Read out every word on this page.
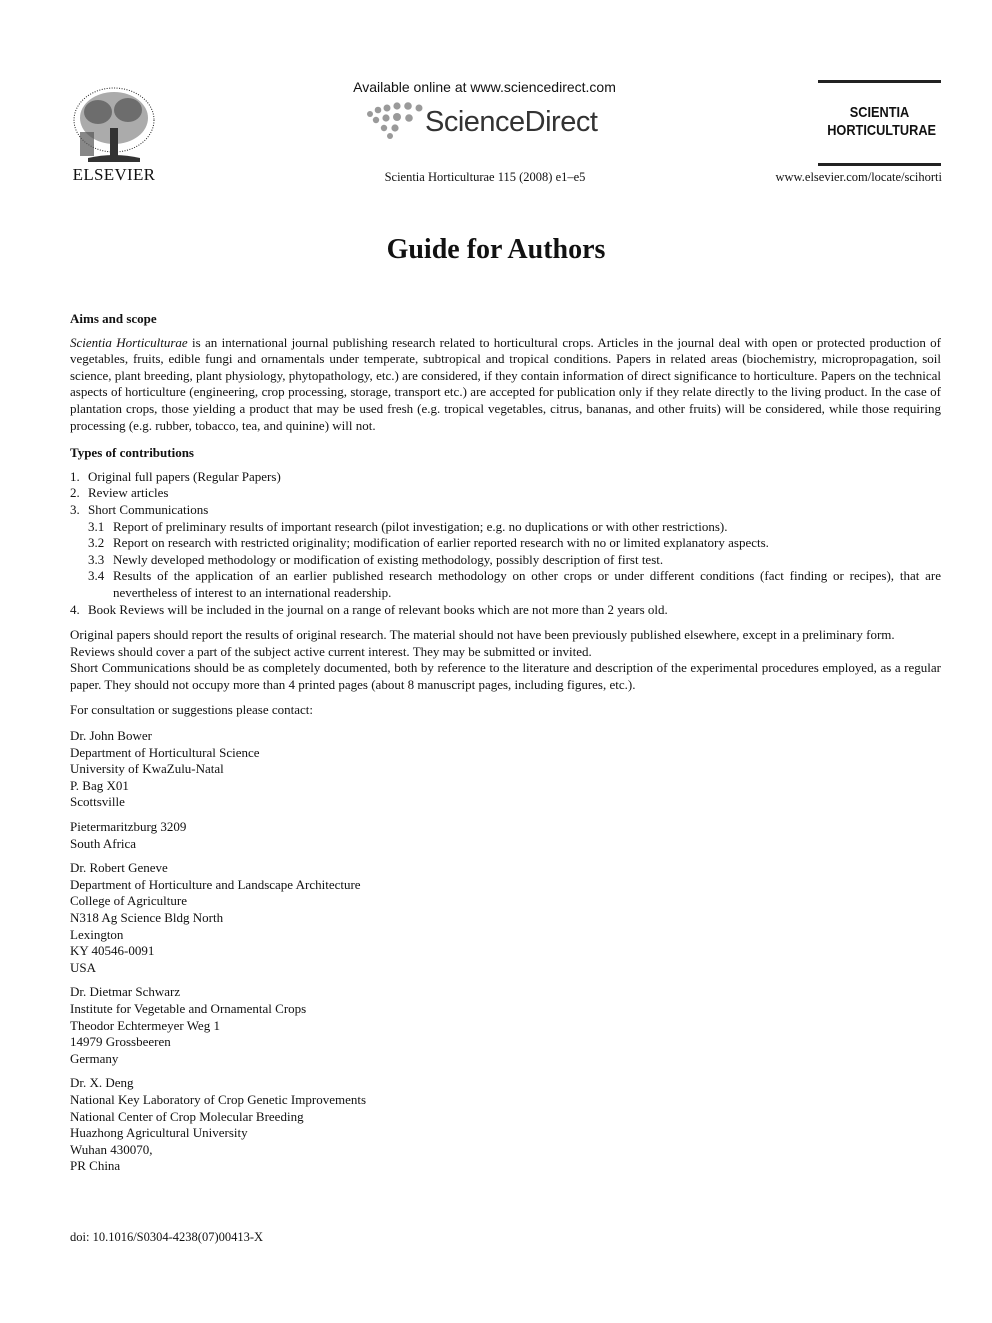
ELSEVIER
Available online at www.sciencedirect.com
ScienceDirect
Scientia Horticulturae 115 (2008) e1–e5
SCIENTIA
HORTICULTURAE
www.elsevier.com/locate/scihorti
Guide for Authors
Aims and scope

Scientia Horticulturae is an international journal publishing research related to horticultural crops. Articles in the journal deal with open or protected production of vegetables, fruits, edible fungi and ornamentals under temperate, subtropical and tropical conditions. Papers in related areas (biochemistry, micropropagation, soil science, plant breeding, plant physiology, phytopathology, etc.) are considered, if they contain information of direct significance to horticulture. Papers on the technical aspects of horticulture (engineering, crop processing, storage, transport etc.) are accepted for publication only if they relate directly to the living product. In the case of plantation crops, those yielding a product that may be used fresh (e.g. tropical vegetables, citrus, bananas, and other fruits) will be considered, while those requiring processing (e.g. rubber, tobacco, tea, and quinine) will not.

Types of contributions
1. Original full papers (Regular Papers)
2. Review articles
3. Short Communications
3.1 Report of preliminary results of important research (pilot investigation; e.g. no duplications or with other restrictions).
3.2 Report on research with restricted originality; modification of earlier reported research with no or limited explanatory aspects.
3.3 Newly developed methodology or modification of existing methodology, possibly description of first test.
3.4 Results of the application of an earlier published research methodology on other crops or under different conditions (fact finding or recipes), that are nevertheless of interest to an international readership.
4. Book Reviews will be included in the journal on a range of relevant books which are not more than 2 years old.

Original papers should report the results of original research. The material should not have been previously published elsewhere, except in a preliminary form.

Reviews should cover a part of the subject active current interest. They may be submitted or invited.

Short Communications should be as completely documented, both by reference to the literature and description of the experimental procedures employed, as a regular paper. They should not occupy more than 4 printed pages (about 8 manuscript pages, including figures, etc.).

For consultation or suggestions please contact:

Dr. John Bower
Department of Horticultural Science
University of KwaZulu-Natal
P. Bag X01
Scottsville
Pietermaritzburg 3209
South Africa
Dr. Robert Geneve
Department of Horticulture and Landscape Architecture
College of Agriculture
N318 Ag Science Bldg North
Lexington
KY 40546-0091
USA
Dr. Dietmar Schwarz
Institute for Vegetable and Ornamental Crops
Theodor Echtermeyer Weg 1
14979 Grossbeeren
Germany
Dr. X. Deng
National Key Laboratory of Crop Genetic Improvements
National Center of Crop Molecular Breeding
Huazhong Agricultural University
Wuhan 430070,
PR China
doi: 10.1016/S0304-4238(07)00413-X
